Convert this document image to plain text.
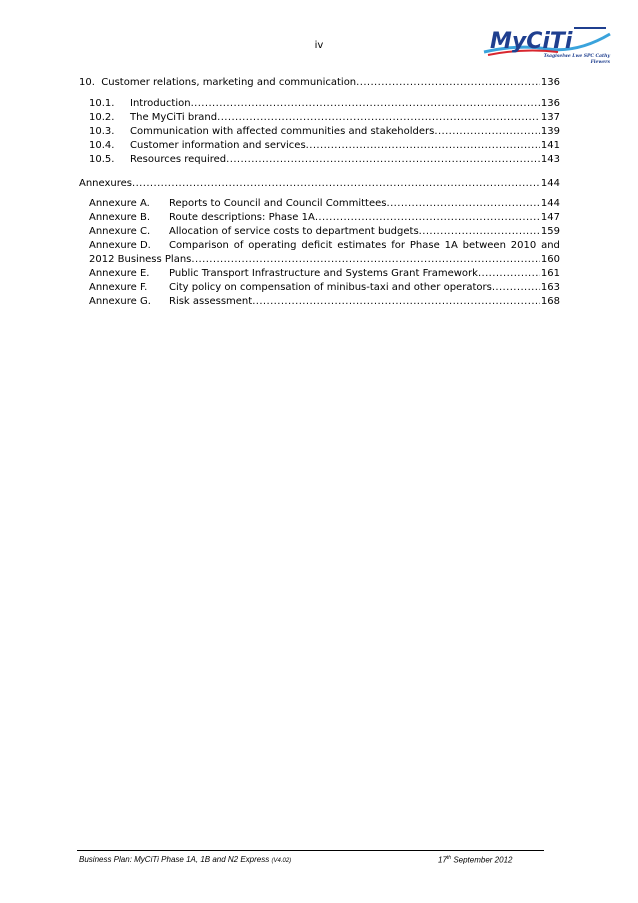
iv	MyCiTi
Tsagiselwe Lwe SPC Cathy Flewers
10. Customer relations, marketing and communication .....	136
10.1.	Introduction .....	136
10.2.	The MyCiTi brand .....	137
10.3.	Communication with affected communities and stakeholders .....	139
10.4.	Customer information and services .....	141
10.5.	Resources required .....	143
Annexures .....	144
Annexure A.	Reports to Council and Council Committees .....	144
Annexure B.	Route descriptions: Phase 1A .....	147
Annexure C.	Allocation of service costs to department budgets .....	159
Annexure D.	Comparison of operating deficit estimates for Phase 1A between 2010 and
2012 Business Plans .....	160
Annexure E.	Public Transport Infrastructure and Systems Grant Framework .....	161
Annexure F.	City policy on compensation of minibus-taxi and other operators .....	163
Annexure G.	Risk assessment .....	168
Business Plan: MyCiTi Phase 1A, 1B and N2 Express (V4.02)	17th September 2012
